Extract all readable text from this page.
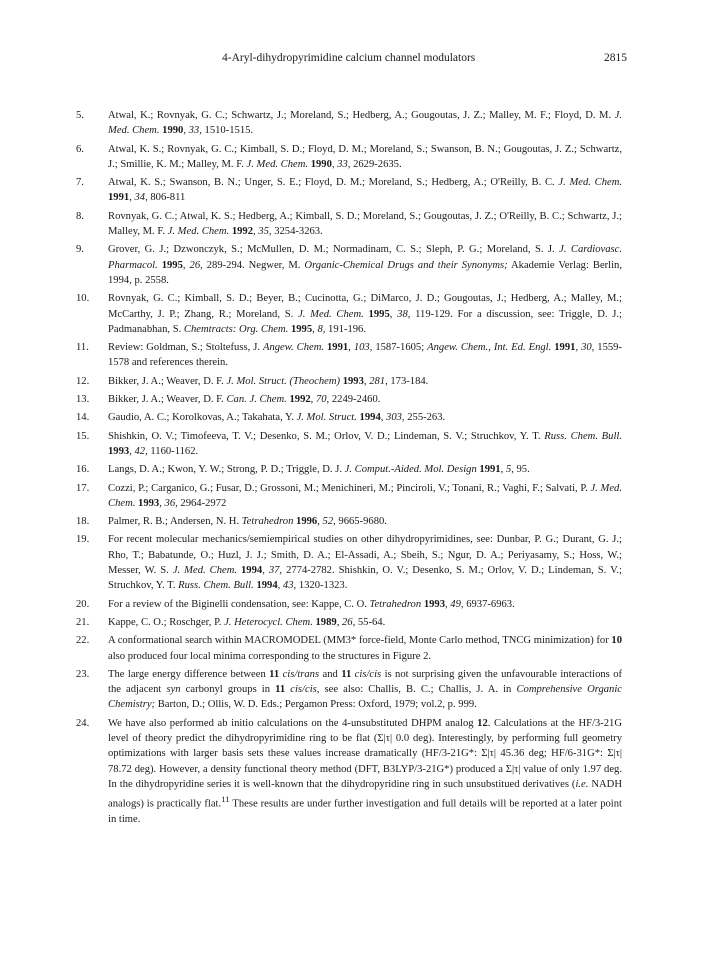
4-Aryl-dihydropyrimidine calcium channel modulators	2815
5.	Atwal, K.; Rovnyak, G. C.; Schwartz, J.; Moreland, S.; Hedberg, A.; Gougoutas, J. Z.; Malley, M. F.; Floyd, D. M. J. Med. Chem. 1990, 33, 1510-1515.
6.	Atwal, K. S.; Rovnyak, G. C.; Kimball, S. D.; Floyd, D. M.; Moreland, S.; Swanson, B. N.; Gougoutas, J. Z.; Schwartz, J.; Smillie, K. M.; Malley, M. F. J. Med. Chem. 1990, 33, 2629-2635.
7.	Atwal, K. S.; Swanson, B. N.; Unger, S. E.; Floyd, D. M.; Moreland, S.; Hedberg, A.; O'Reilly, B. C. J. Med. Chem. 1991, 34, 806-811
8.	Rovnyak, G. C.; Atwal, K. S.; Hedberg, A.; Kimball, S. D.; Moreland, S.; Gougoutas, J. Z.; O'Reilly, B. C.; Schwartz, J.; Malley, M. F. J. Med. Chem. 1992, 35, 3254-3263.
9.	Grover, G. J.; Dzwonczyk, S.; McMullen, D. M.; Normadinam, C. S.; Sleph, P. G.; Moreland, S. J. J. Cardiovasc. Pharmacol. 1995, 26, 289-294. Negwer, M. Organic-Chemical Drugs and their Synonyms; Akademie Verlag: Berlin, 1994, p. 2558.
10.	Rovnyak, G. C.; Kimball, S. D.; Beyer, B.; Cucinotta, G.; DiMarco, J. D.; Gougoutas, J.; Hedberg, A.; Malley, M.; McCarthy, J. P.; Zhang, R.; Moreland, S. J. Med. Chem. 1995, 38, 119-129. For a discussion, see: Triggle, D. J.; Padmanabhan, S. Chemtracts: Org. Chem. 1995, 8, 191-196.
11.	Review: Goldman, S.; Stoltefuss, J. Angew. Chem. 1991, 103, 1587-1605; Angew. Chem., Int. Ed. Engl. 1991, 30, 1559-1578 and references therein.
12.	Bikker, J. A.; Weaver, D. F. J. Mol. Struct. (Theochem) 1993, 281, 173-184.
13.	Bikker, J. A.; Weaver, D. F. Can. J. Chem. 1992, 70, 2249-2460.
14.	Gaudio, A. C.; Korolkovas, A.; Takahata, Y. J. Mol. Struct. 1994, 303, 255-263.
15.	Shishkin, O. V.; Timofeeva, T. V.; Desenko, S. M.; Orlov, V. D.; Lindeman, S. V.; Struchkov, Y. T. Russ. Chem. Bull. 1993, 42, 1160-1162.
16.	Langs, D. A.; Kwon, Y. W.; Strong, P. D.; Triggle, D. J. J. Comput.-Aided. Mol. Design 1991, 5, 95.
17.	Cozzi, P.; Carganico, G.; Fusar, D.; Grossoni, M.; Menichineri, M.; Pinciroli, V.; Tonani, R.; Vaghi, F.; Salvati, P. J. Med. Chem. 1993, 36, 2964-2972
18.	Palmer, R. B.; Andersen, N. H. Tetrahedron 1996, 52, 9665-9680.
19.	For recent molecular mechanics/semiempirical studies on other dihydropyrimidines, see: Dunbar, P. G.; Durant, G. J.; Rho, T.; Babatunde, O.; Huzl, J. J.; Smith, D. A.; El-Assadi, A.; Sbeih, S.; Ngur, D. A.; Periyasamy, S.; Hoss, W.; Messer, W. S. J. Med. Chem. 1994, 37, 2774-2782. Shishkin, O. V.; Desenko, S. M.; Orlov, V. D.; Lindeman, S. V.; Struchkov, Y. T. Russ. Chem. Bull. 1994, 43, 1320-1323.
20.	For a review of the Biginelli condensation, see: Kappe, C. O. Tetrahedron 1993, 49, 6937-6963.
21.	Kappe, C. O.; Roschger, P. J. Heterocycl. Chem. 1989, 26, 55-64.
22.	A conformational search within MACROMODEL (MM3* force-field, Monte Carlo method, TNCG minimization) for 10 also produced four local minima corresponding to the structures in Figure 2.
23.	The large energy difference between 11 cis/trans and 11 cis/cis is not surprising given the unfavourable interactions of the adjacent syn carbonyl groups in 11 cis/cis, see also: Challis, B. C.; Challis, J. A. in Comprehensive Organic Chemistry; Barton, D.; Ollis, W. D. Eds.; Pergamon Press: Oxford, 1979; vol.2, p. 999.
24.	We have also performed ab initio calculations on the 4-unsubstituted DHPM analog 12. Calculations at the HF/3-21G level of theory predict the dihydropyrimidine ring to be flat (Σ|τ| 0.0 deg). Interestingly, by performing full geometry optimizations with larger basis sets these values increase dramatically (HF/3-21G*: Σ|τ| 45.36 deg; HF/6-31G*: Σ|τ| 78.72 deg). However, a density functional theory method (DFT, B3LYP/3-21G*) produced a Σ|τ| value of only 1.97 deg. In the dihydropyridine series it is well-known that the dihydropyridine ring in such unsubstitued derivatives (i.e. NADH analogs) is practically flat.$^{11}$ These results are under further investigation and full details will be reported at a later point in time.
